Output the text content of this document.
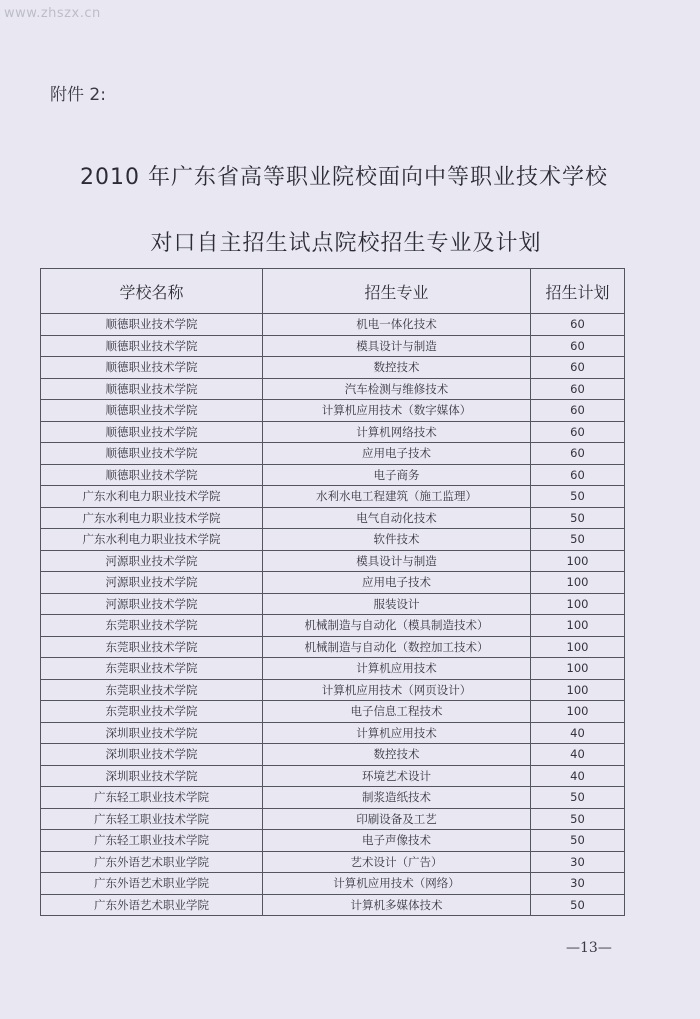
www.zhszx.cn
附件 2:
2010 年广东省高等职业院校面向中等职业技术学校
对口自主招生试点院校招生专业及计划
学校名称	招生专业	招生计划
顺德职业技术学院	机电一体化技术	60
顺德职业技术学院	模具设计与制造	60
顺德职业技术学院	数控技术	60
顺德职业技术学院	汽车检测与维修技术	60
顺德职业技术学院	计算机应用技术（数字媒体）	60
顺德职业技术学院	计算机网络技术	60
顺德职业技术学院	应用电子技术	60
顺德职业技术学院	电子商务	60
广东水利电力职业技术学院	水利水电工程建筑（施工监理）	50
广东水利电力职业技术学院	电气自动化技术	50
广东水利电力职业技术学院	软件技术	50
河源职业技术学院	模具设计与制造	100
河源职业技术学院	应用电子技术	100
河源职业技术学院	服装设计	100
东莞职业技术学院	机械制造与自动化（模具制造技术）	100
东莞职业技术学院	机械制造与自动化（数控加工技术）	100
东莞职业技术学院	计算机应用技术	100
东莞职业技术学院	计算机应用技术（网页设计）	100
东莞职业技术学院	电子信息工程技术	100
深圳职业技术学院	计算机应用技术	40
深圳职业技术学院	数控技术	40
深圳职业技术学院	环境艺术设计	40
广东轻工职业技术学院	制浆造纸技术	50
广东轻工职业技术学院	印刷设备及工艺	50
广东轻工职业技术学院	电子声像技术	50
广东外语艺术职业学院	艺术设计（广告）	30
广东外语艺术职业学院	计算机应用技术（网络）	30
广东外语艺术职业学院	计算机多媒体技术	50
—13—
